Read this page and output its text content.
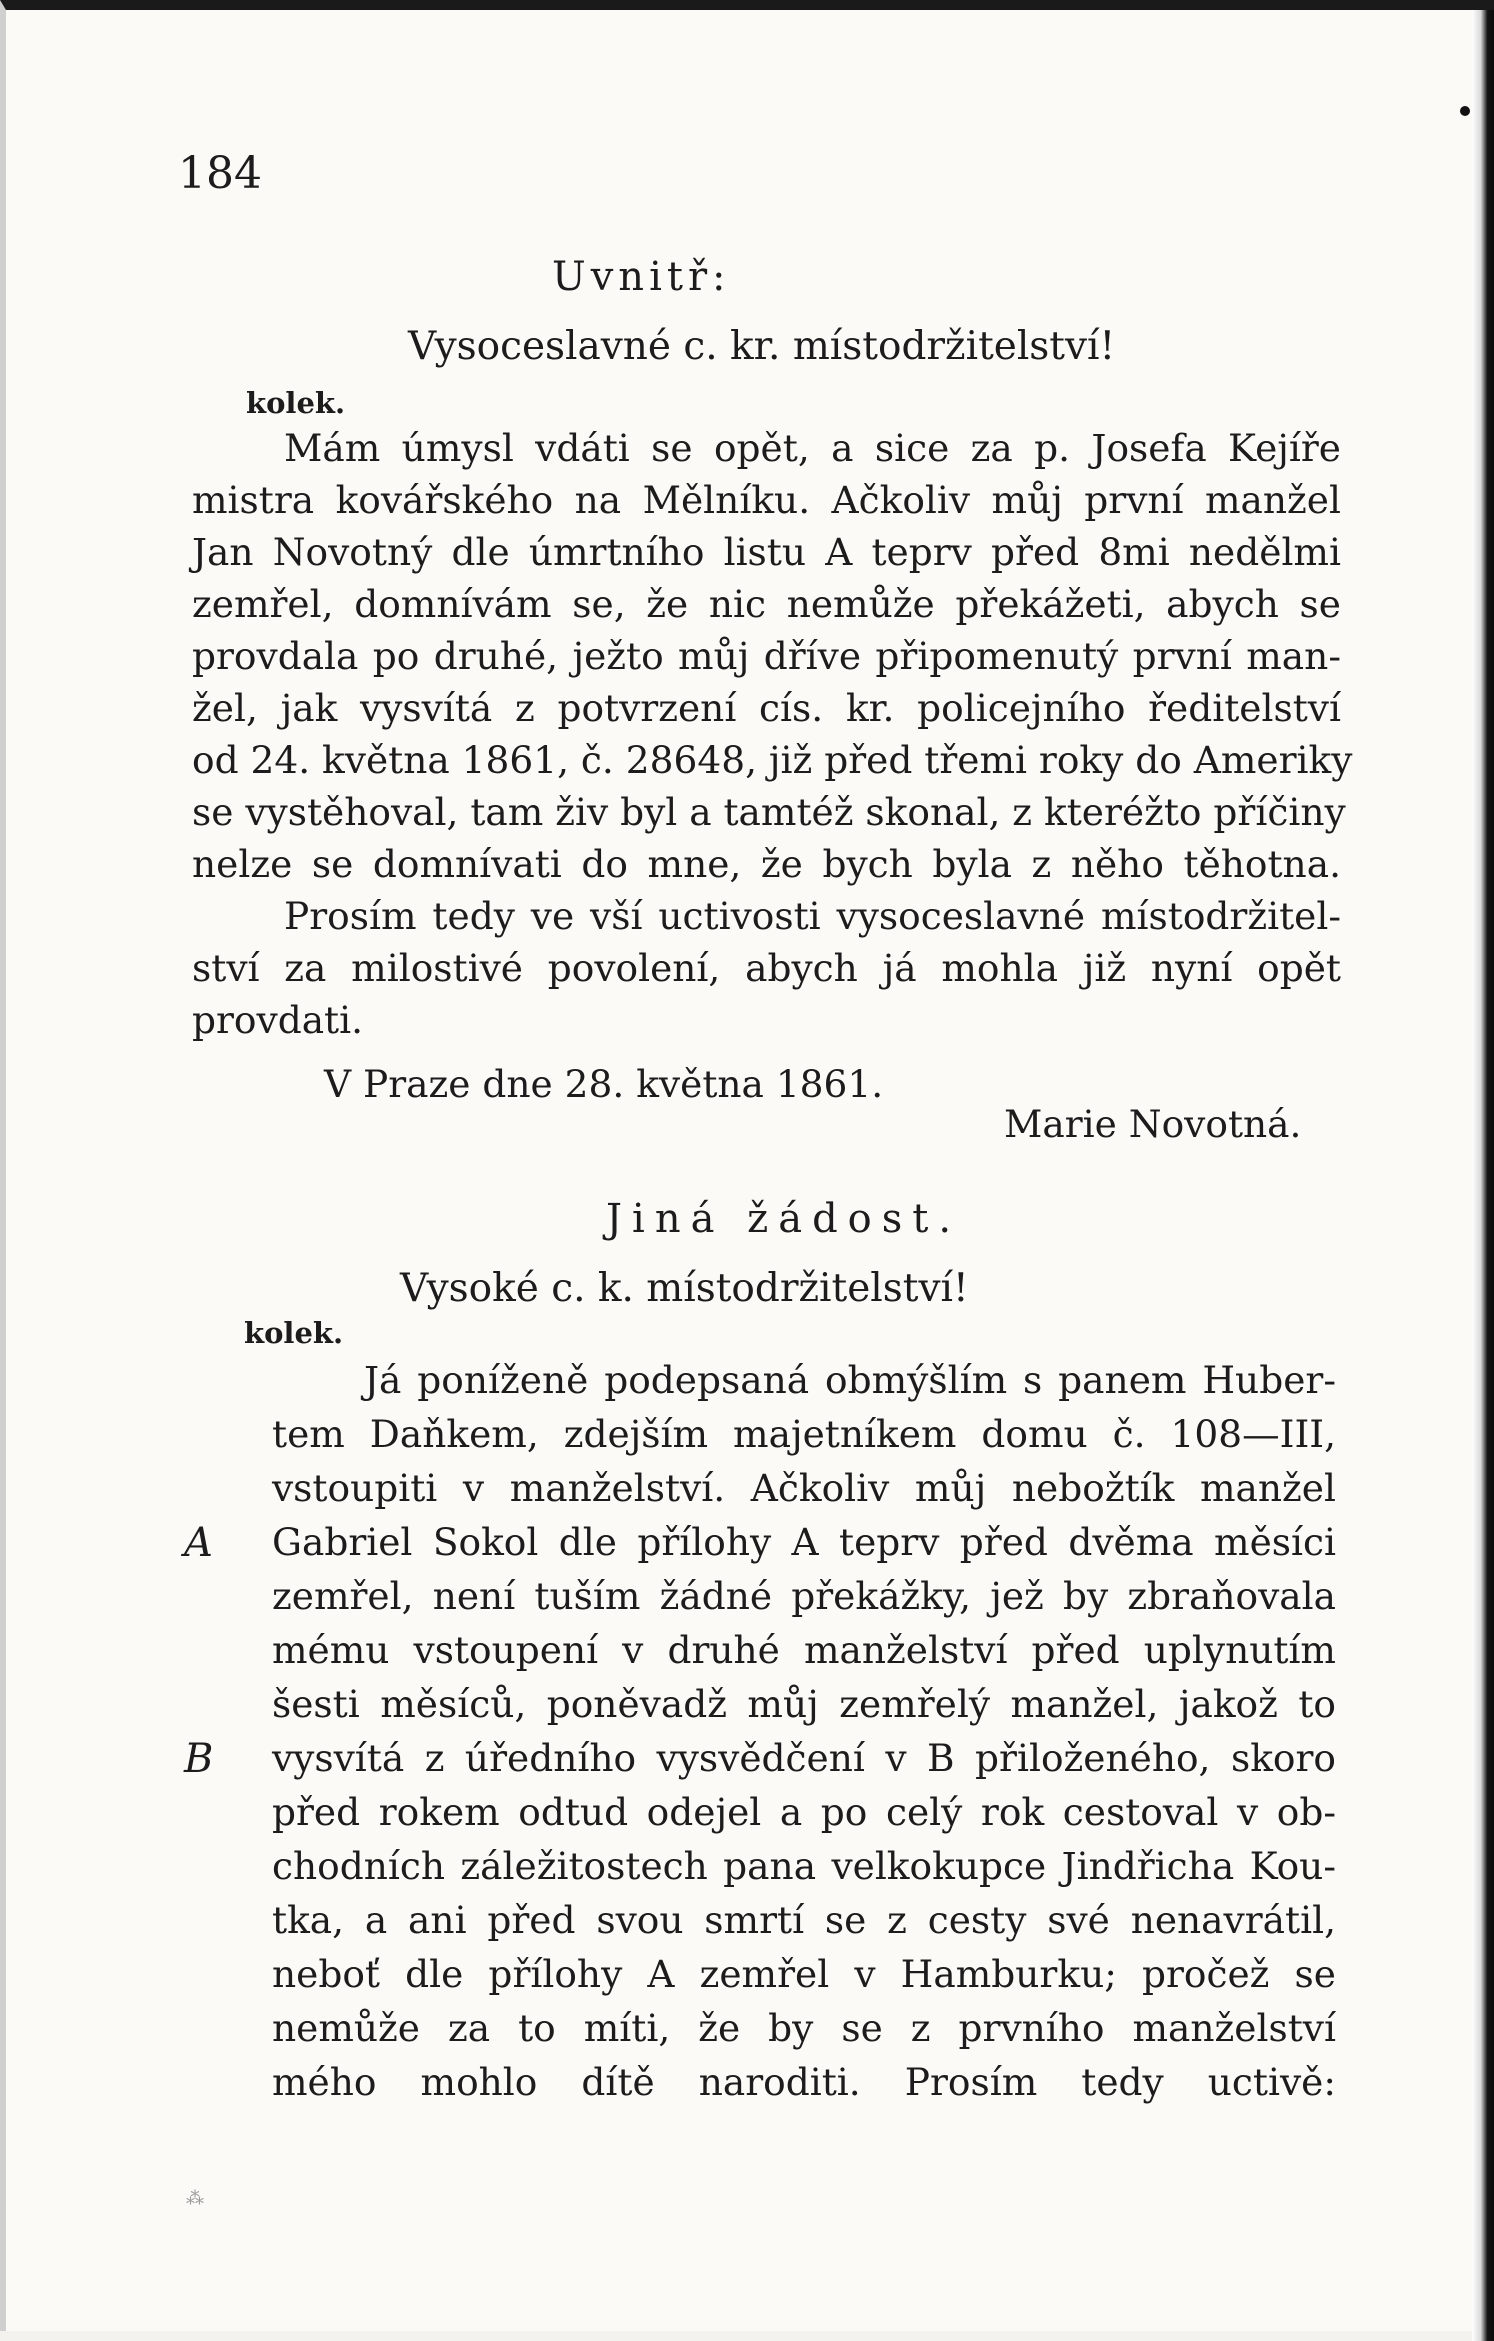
184
Uvnitř:
Vysoceslavné c. kr. místodržitelství!
kolek.
Mám úmysl vdáti se opět, a sice za p. Josefa Kejíře
mistra kovářského na Mělníku. Ačkoliv můj první manžel
Jan Novotný dle úmrtního listu A teprv před 8mi nedělmi
zemřel, domnívám se, že nic nemůže překážeti, abych se
provdala po druhé, ježto můj dříve připomenutý první man-
žel, jak vysvítá z potvrzení cís. kr. policejního ředitelství
od 24. května 1861, č. 28648, již před třemi roky do Ameriky
se vystěhoval, tam živ byl a tamtéž skonal, z kteréžto příčiny
nelze se domnívati do mne, že bych byla z něho těhotna.
Prosím tedy ve vší uctivosti vysoceslavné místodržitel-
ství za milostivé povolení, abych já mohla již nyní opět
provdati.
V Praze dne 28. května 1861.
Marie Novotná.
Jiná žádost.
Vysoké c. k. místodržitelství!
kolek.
Já poníženě podepsaná obmýšlím s panem Huber-
tem Daňkem, zdejším majetníkem domu č. 108—III,
vstoupiti v manželství. Ačkoliv můj nebožtík manžel
A Gabriel Sokol dle přílohy A teprv před dvěma měsíci
zemřel, není tuším žádné překážky, jež by zbraňovala
mému vstoupení v druhé manželství před uplynutím
šesti měsíců, poněvadž můj zemřelý manžel, jakož to
B vysvítá z úředního vysvědčení v B přiloženého, skoro
před rokem odtud odejel a po celý rok cestoval v ob-
chodních záležitostech pana velkokupce Jindřicha Kou-
tka, a ani před svou smrtí se z cesty své nenavrátil,
neboť dle přílohy A zemřel v Hamburku; pročež se
nemůže za to míti, že by se z prvního manželství
mého mohlo dítě naroditi. Prosím tedy uctivě:
⁂
